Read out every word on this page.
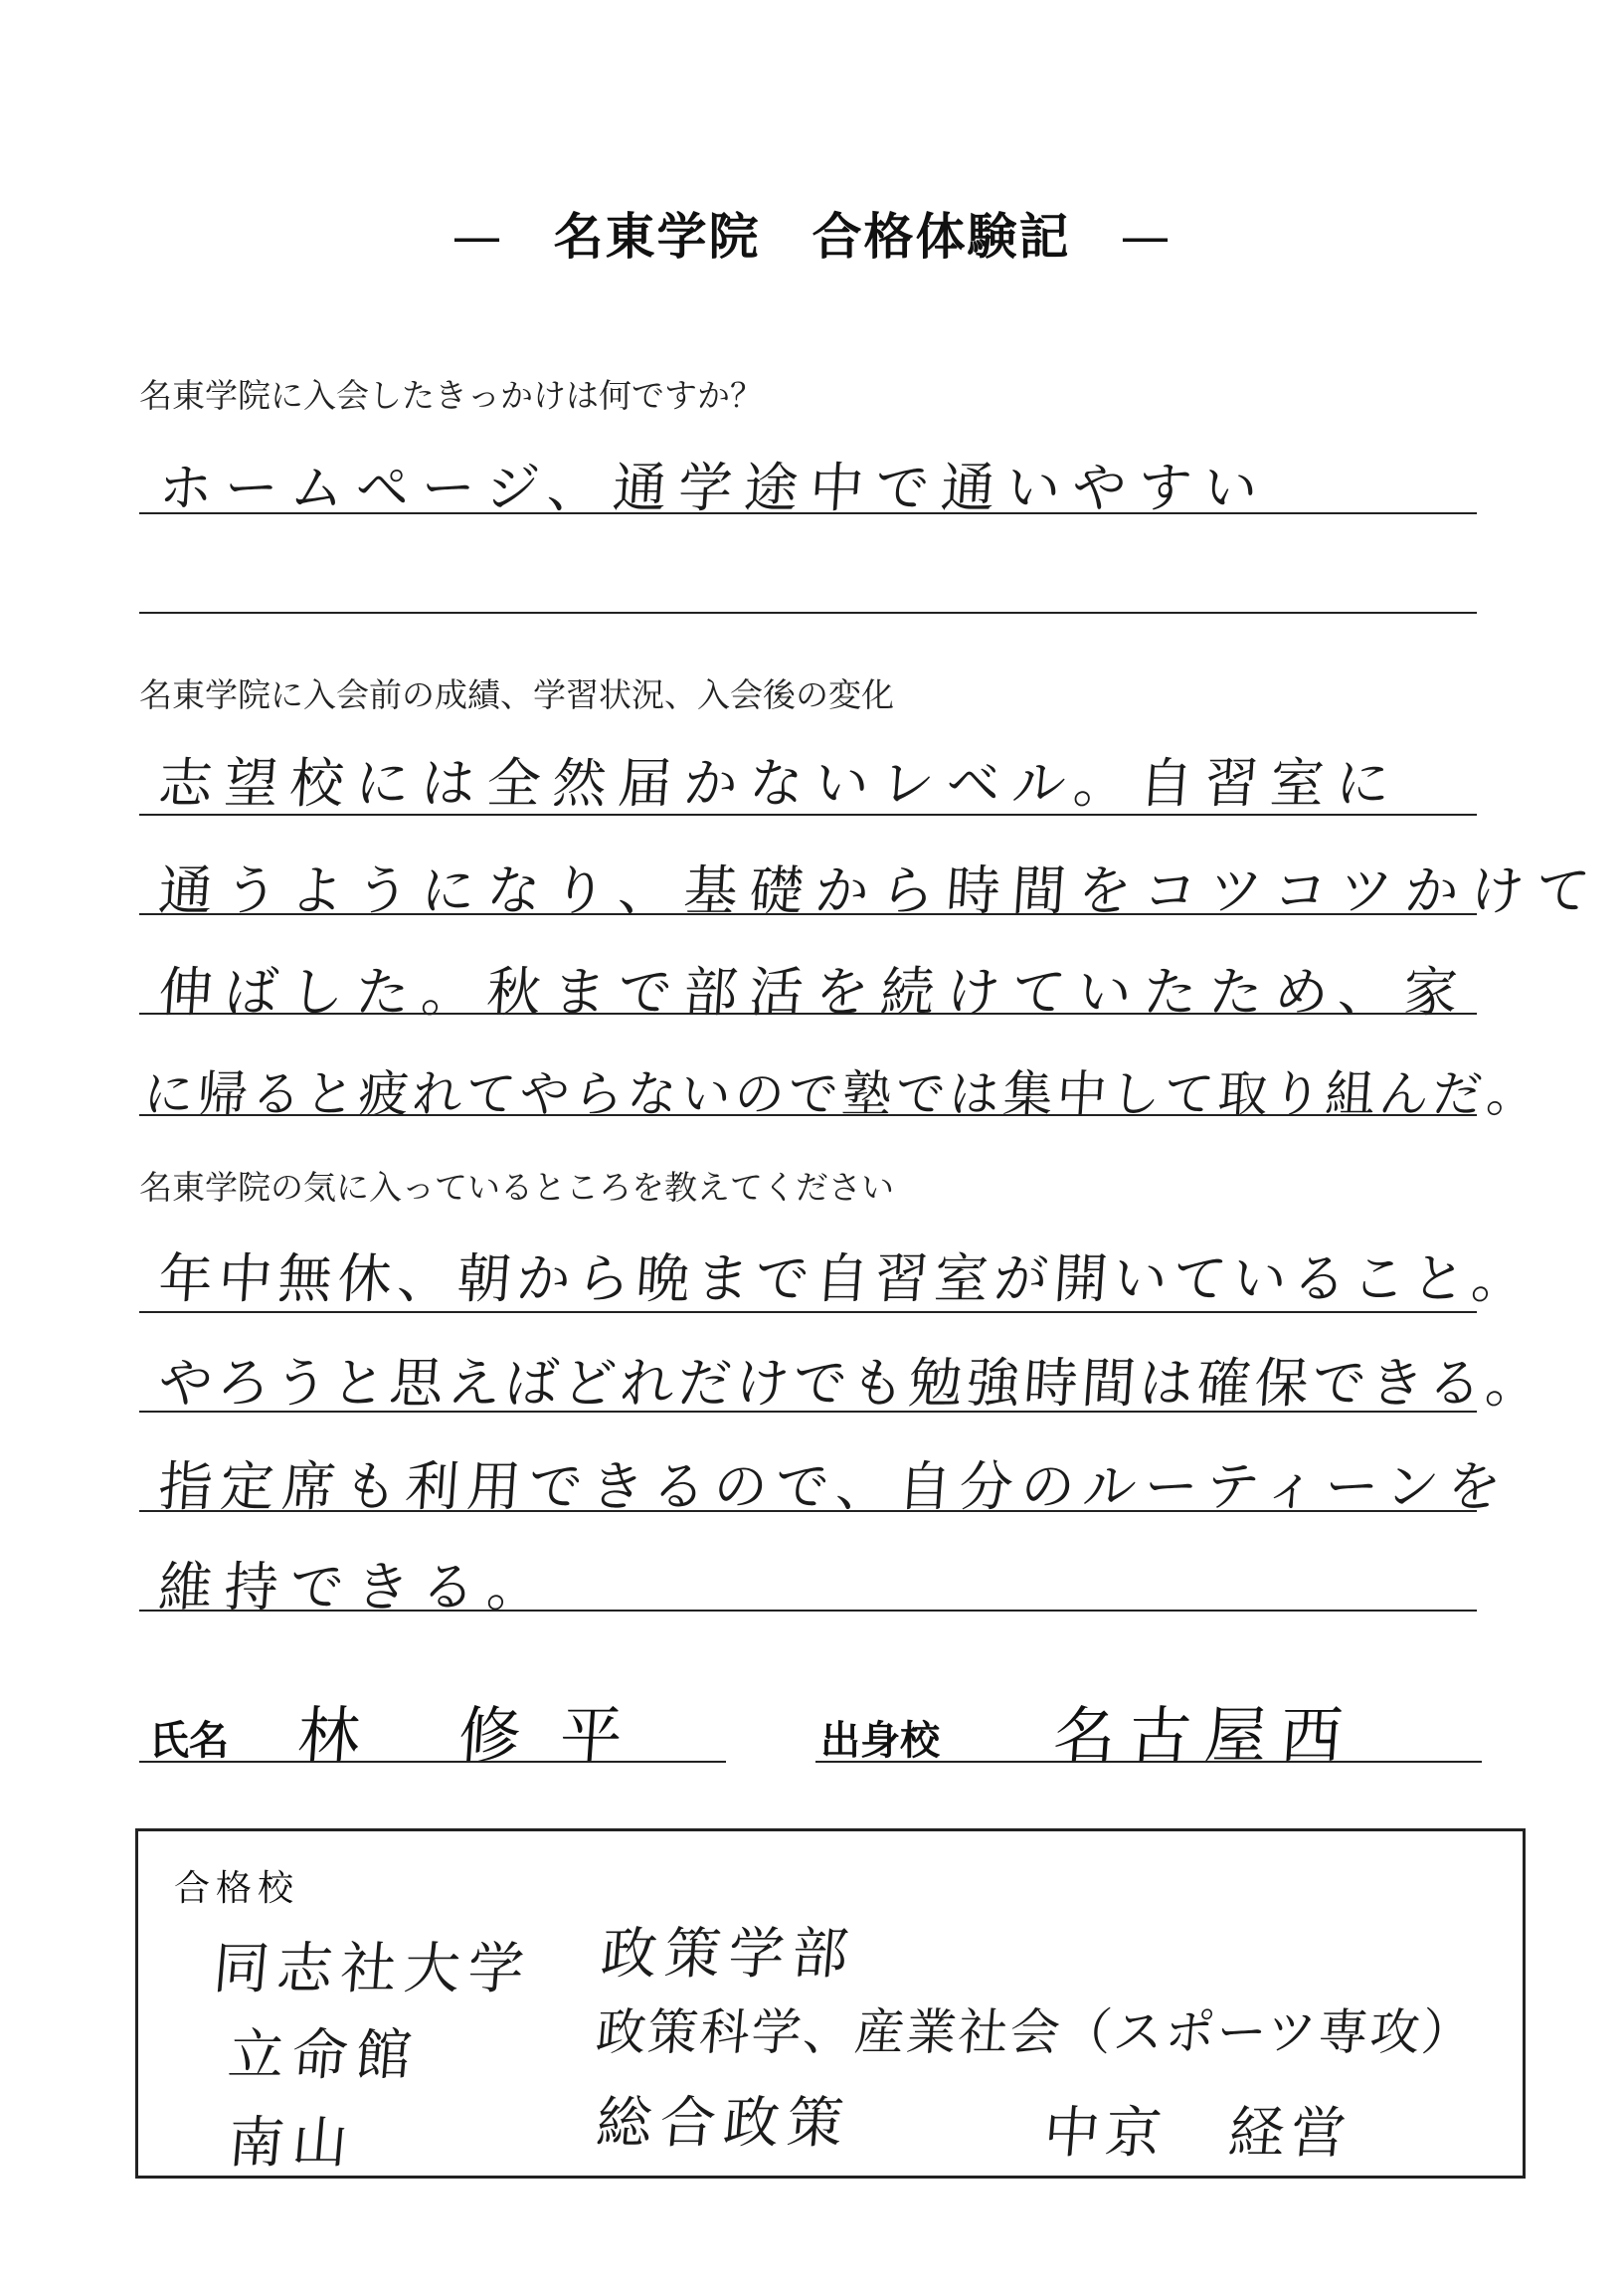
— 名東学院　合格体験記 —
名東学院に入会したきっかけは何ですか？
ホームページ、通学途中で通いやすい
名東学院に入会前の成績、学習状況、入会後の変化
志望校には全然届かないレベル。自習室に
通うようになり、基礎から時間をコツコツかけて
伸ばした。秋まで部活を続けていたため、家
に帰ると疲れてやらないので塾では集中して取り組んだ。
名東学院の気に入っているところを教えてください
年中無休、朝から晩まで自習室が開いていること。
やろうと思えばどれだけでも勉強時間は確保できる。
指定席も利用できるので、自分のルーティーンを
維持できる。
氏名 林 修平	出身校 名古屋西
合格校
同志社大学 政策学部
立命館	政策科学、産業社会（スポーツ専攻）
南山	総合政策	中京　経営
